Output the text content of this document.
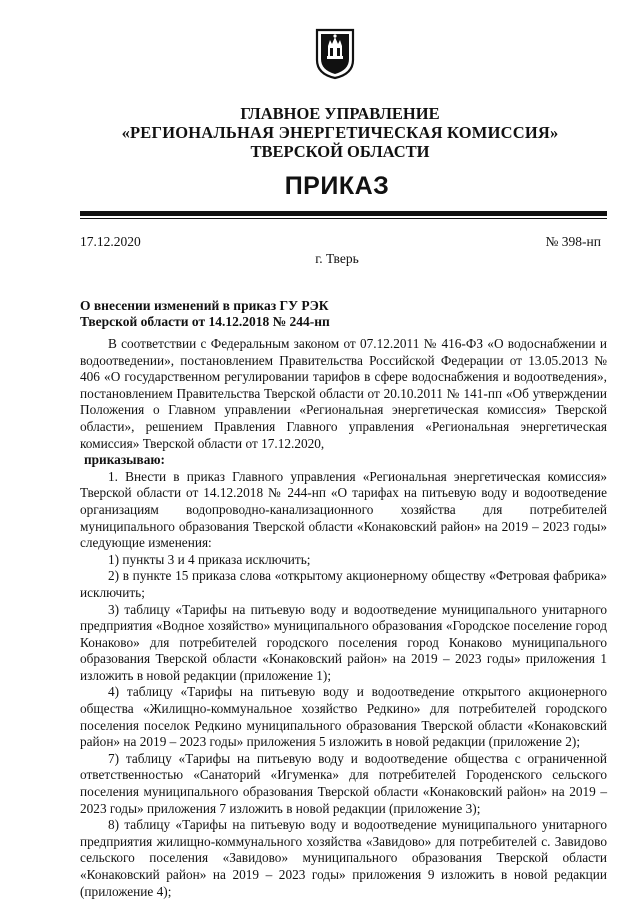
ГЛАВНОЕ УПРАВЛЕНИЕ
«РЕГИОНАЛЬНАЯ ЭНЕРГЕТИЧЕСКАЯ КОМИССИЯ»
ТВЕРСКОЙ ОБЛАСТИ
ПРИКАЗ
17.12.2020	№ 398-нп
г. Тверь
О внесении изменений в приказ ГУ РЭК
Тверской области от 14.12.2018 № 244-нп

В соответствии с Федеральным законом от 07.12.2011 № 416-ФЗ «О водоснабжении и водоотведении», постановлением Правительства Российской Федерации от 13.05.2013 № 406 «О государственном регулировании тарифов в сфере водоснабжения и водоотведения», постановлением Правительства Тверской области от 20.10.2011 № 141-пп «Об утверждении Положения о Главном управлении «Региональная энергетическая комиссия» Тверской области», решением Правления Главного управления «Региональная энергетическая комиссия» Тверской области от 17.12.2020,

приказываю:

1. Внести в приказ Главного управления «Региональная энергетическая комиссия» Тверской области от 14.12.2018 № 244-нп «О тарифах на питьевую воду и водоотведение организациям водопроводно-канализационного хозяйства для потребителей муниципального образования Тверской области «Конаковский район» на 2019 – 2023 годы» следующие изменения:

1) пункты 3 и 4 приказа исключить;

2) в пункте 15 приказа слова «открытому акционерному обществу «Фетровая фабрика» исключить;

3) таблицу «Тарифы на питьевую воду и водоотведение муниципального унитарного предприятия «Водное хозяйство» муниципального образования «Городское поселение город Конаково» для потребителей городского поселения город Конаково муниципального образования Тверской области «Конаковский район» на 2019 – 2023 годы» приложения 1 изложить в новой редакции (приложение 1);

4) таблицу «Тарифы на питьевую воду и водоотведение открытого акционерного общества «Жилищно-коммунальное хозяйство Редкино» для потребителей городского поселения поселок Редкино муниципального образования Тверской области «Конаковский район» на 2019 – 2023 годы» приложения 5 изложить в новой редакции (приложение 2);

7) таблицу «Тарифы на питьевую воду и водоотведение общества с ограниченной ответственностью «Санаторий «Игуменка» для потребителей Городенского сельского поселения муниципального образования Тверской области «Конаковский район» на 2019 – 2023 годы» приложения 7 изложить в новой редакции (приложение 3);

8) таблицу «Тарифы на питьевую воду и водоотведение муниципального унитарного предприятия жилищно-коммунального хозяйства «Завидово» для потребителей с. Завидово сельского поселения «Завидово» муниципального образования Тверской области «Конаковский район» на 2019 – 2023 годы» приложения 9 изложить в новой редакции (приложение 4);
